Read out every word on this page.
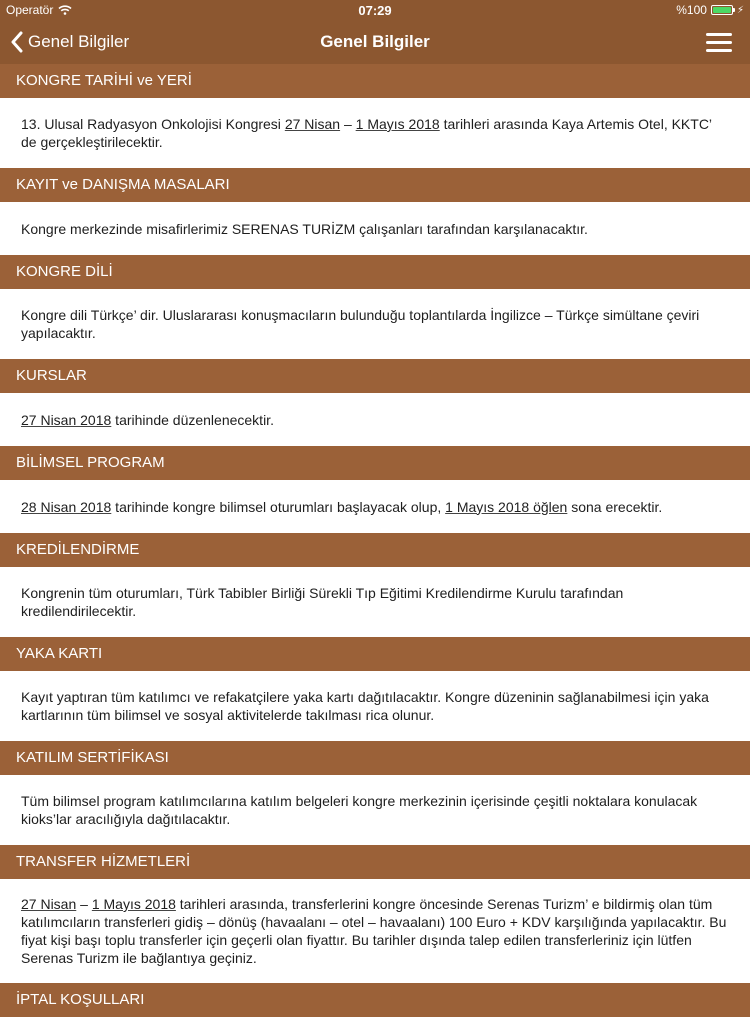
Operatör	07:29	%100	⚡
Genel Bilgiler	Genel Bilgiler
KONGRE TARİHİ ve YERİ

13. Ulusal Radyasyon Onkolojisi Kongresi 27 Nisan – 1 Mayıs 2018 tarihleri arasında Kaya Artemis Otel, KKTC’ de gerçekleştirilecektir.

KAYIT ve DANIŞMA MASALARI

Kongre merkezinde misafirlerimiz SERENAS TURİZM çalışanları tarafından karşılanacaktır.

KONGRE DİLİ

Kongre dili Türkçe’ dir. Uluslararası konuşmacıların bulunduğu toplantılarda İngilizce – Türkçe simültane çeviri yapılacaktır.

KURSLAR

27 Nisan 2018 tarihinde düzenlenecektir.

BİLİMSEL PROGRAM

28 Nisan 2018 tarihinde kongre bilimsel oturumları başlayacak olup, 1 Mayıs 2018 öğlen sona erecektir.

KREDİLENDİRME

Kongrenin tüm oturumları, Türk Tabibler Birliği Sürekli Tıp Eğitimi Kredilendirme Kurulu tarafından kredilendirilecektir.

YAKA KARTI

Kayıt yaptıran tüm katılımcı ve refakatçilere yaka kartı dağıtılacaktır. Kongre düzeninin sağlanabilmesi için yaka kartlarının tüm bilimsel ve sosyal aktivitelerde takılması rica olunur.

KATILIM SERTİFİKASI

Tüm bilimsel program katılımcılarına katılım belgeleri kongre merkezinin içerisinde çeşitli noktalara konulacak kioks’lar aracılığıyla dağıtılacaktır.

TRANSFER HİZMETLERİ

27 Nisan – 1 Mayıs 2018 tarihleri arasında, transferlerini kongre öncesinde Serenas Turizm’ e bildirmiş olan tüm katılımcıların transferleri gidiş – dönüş (havaalanı – otel – havaalanı) 100 Euro + KDV karşılığında yapılacaktır. Bu fiyat kişi başı toplu transferler için geçerli olan fiyattır. Bu tarihler dışında talep edilen transferleriniz için lütfen Serenas Turizm ile bağlantıya geçiniz.

İPTAL KOŞULLARI
